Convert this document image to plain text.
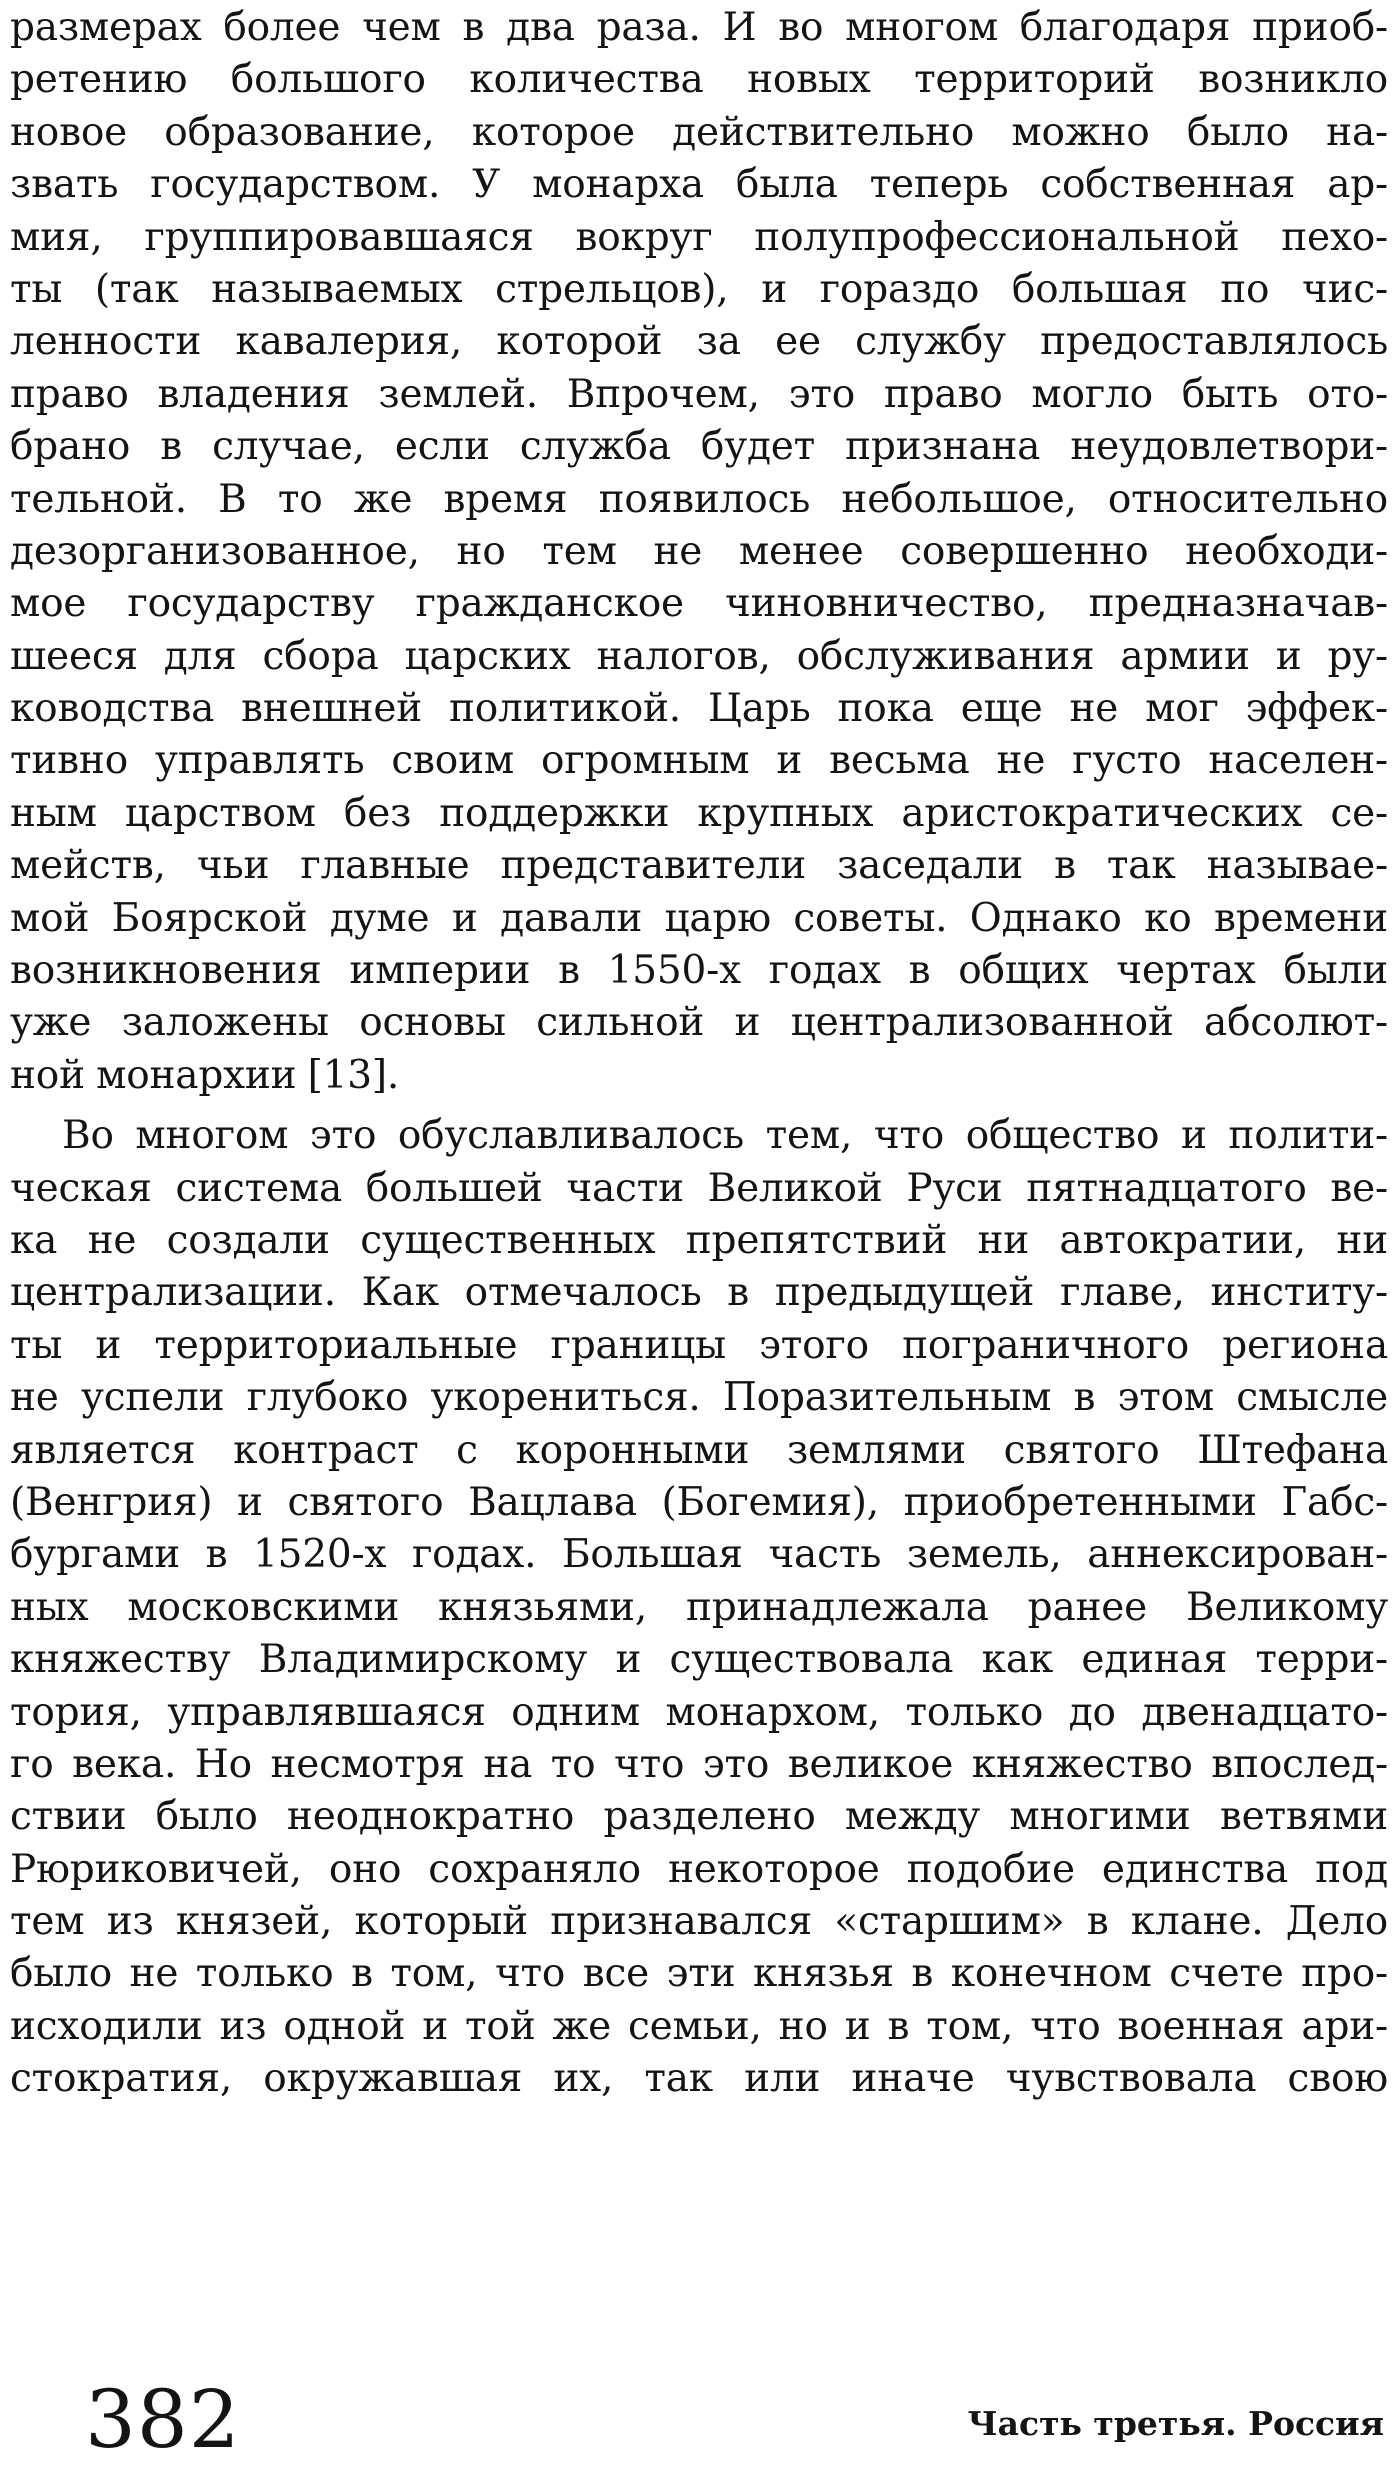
размерах более чем в два раза. И во многом благодаря приоб-
ретению большого количества новых территорий возникло
новое образование, которое действительно можно было на-
звать государством. У монарха была теперь собственная ар-
мия, группировавшаяся вокруг полупрофессиональной пехо-
ты (так называемых стрельцов), и гораздо большая по чис-
ленности кавалерия, которой за ее службу предоставлялось
право владения землей. Впрочем, это право могло быть ото-
брано в случае, если служба будет признана неудовлетвори-
тельной. В то же время появилось небольшое, относительно
дезорганизованное, но тем не менее совершенно необходи-
мое государству гражданское чиновничество, предназначав-
шееся для сбора царских налогов, обслуживания армии и ру-
ководства внешней политикой. Царь пока еще не мог эффек-
тивно управлять своим огромным и весьма не густо населен-
ным царством без поддержки крупных аристократических се-
мейств, чьи главные представители заседали в так называе-
мой Боярской думе и давали царю советы. Однако ко времени
возникновения империи в 1550-х годах в общих чертах были
уже заложены основы сильной и централизованной абсолют-
ной монархии [13].
Во многом это обуславливалось тем, что общество и полити-
ческая система большей части Великой Руси пятнадцатого ве-
ка не создали существенных препятствий ни автократии, ни
централизации. Как отмечалось в предыдущей главе, институ-
ты и территориальные границы этого пограничного региона
не успели глубоко укорениться. Поразительным в этом смысле
является контраст с коронными землями святого Штефана
(Венгрия) и святого Вацлава (Богемия), приобретенными Габс-
бургами в 1520-х годах. Большая часть земель, аннексирован-
ных московскими князьями, принадлежала ранее Великому
княжеству Владимирскому и существовала как единая терри-
тория, управлявшаяся одним монархом, только до двенадцато-
го века. Но несмотря на то что это великое княжество впослед-
ствии было неоднократно разделено между многими ветвями
Рюриковичей, оно сохраняло некоторое подобие единства под
тем из князей, который признавался «старшим» в клане. Дело
было не только в том, что все эти князья в конечном счете про-
исходили из одной и той же семьи, но и в том, что военная ари-
стократия, окружавшая их, так или иначе чувствовала свою
382	Часть третья. Россия
